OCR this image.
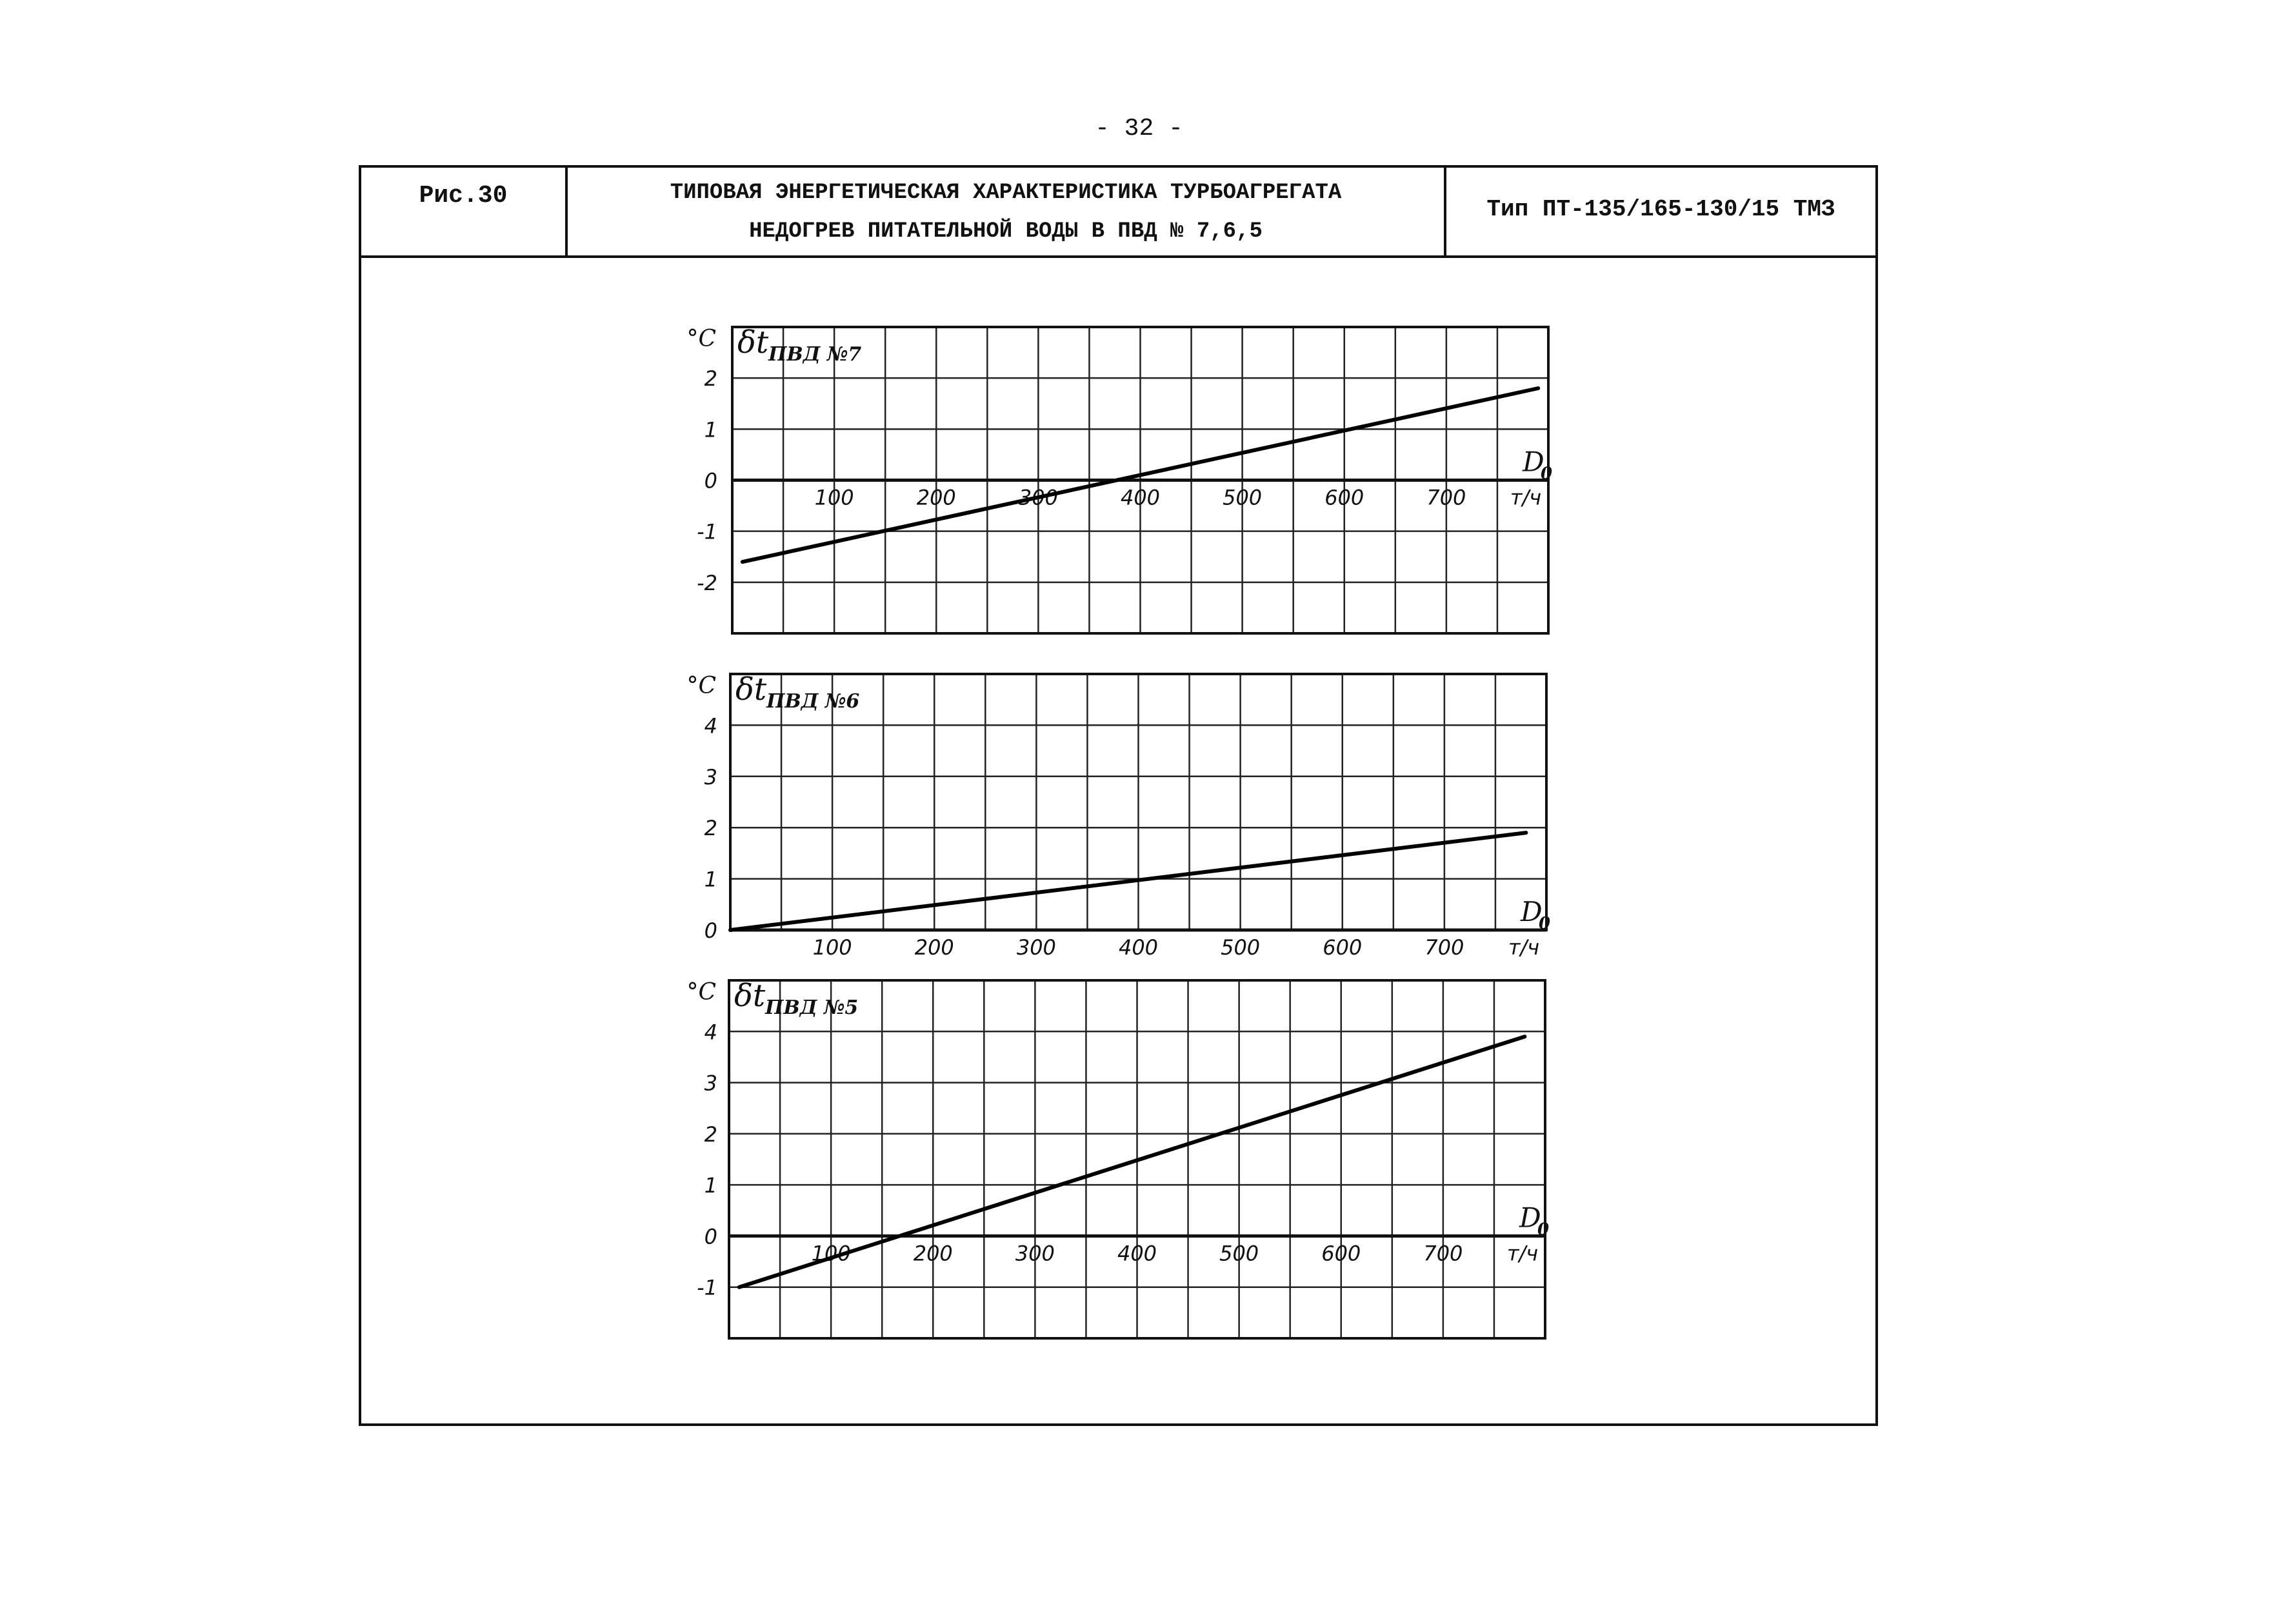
- 32 -
Рис.30	ТИПОВАЯ ЭНЕРГЕТИЧЕСКАЯ ХАРАКТЕРИСТИКА ТУРБОАГРЕГАТА
НЕДОГРЕВ ПИТАТЕЛЬНОЙ ВОДЫ В ПВД № 7,6,5
Тип ПТ-135/165-130/15 ТМЗ
2
1
0
-1
-2
100	200	300	400	500	600	700
°C δt ПВД №7
D
0
т/ч
4
3
2
1
0
100	200	300	400	500	600	700
°C δt ПВД №6
D
0
т/ч
4
3
2
1
0
-1
100	200	300	400	500	600	700
°C δt ПВД №5
D
0
т/ч
